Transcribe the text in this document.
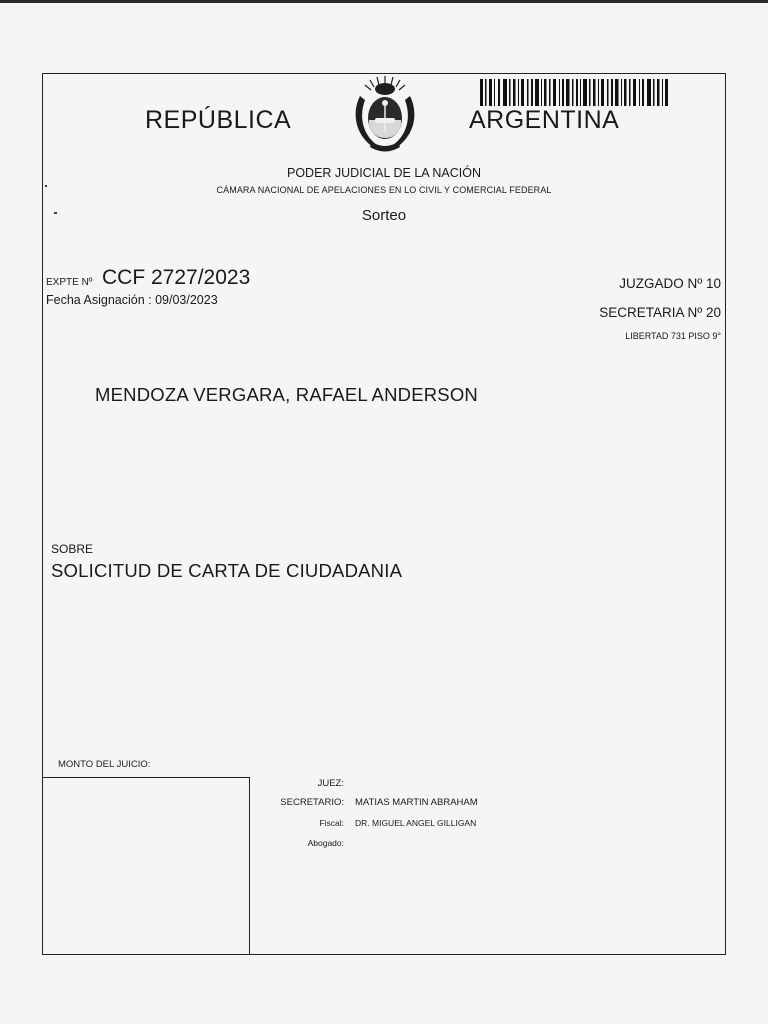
REPÚBLICA	ARGENTINA
PODER JUDICIAL DE LA NACIÓN
CÁMARA NACIONAL DE APELACIONES EN LO CIVIL Y COMERCIAL FEDERAL
Sorteo
EXPTE Nº CCF 2727/2023
Fecha Asignación : 09/03/2023
JUZGADO Nº 10
SECRETARIA Nº 20
LIBERTAD 731 PISO 9°
MENDOZA VERGARA, RAFAEL ANDERSON
SOBRE
SOLICITUD DE CARTA DE CIUDADANIA
MONTO DEL JUICIO:
JUEZ:
SECRETARIO: MATIAS MARTIN ABRAHAM
Fiscal: DR. MIGUEL ANGEL GILLIGAN
Abogado:
